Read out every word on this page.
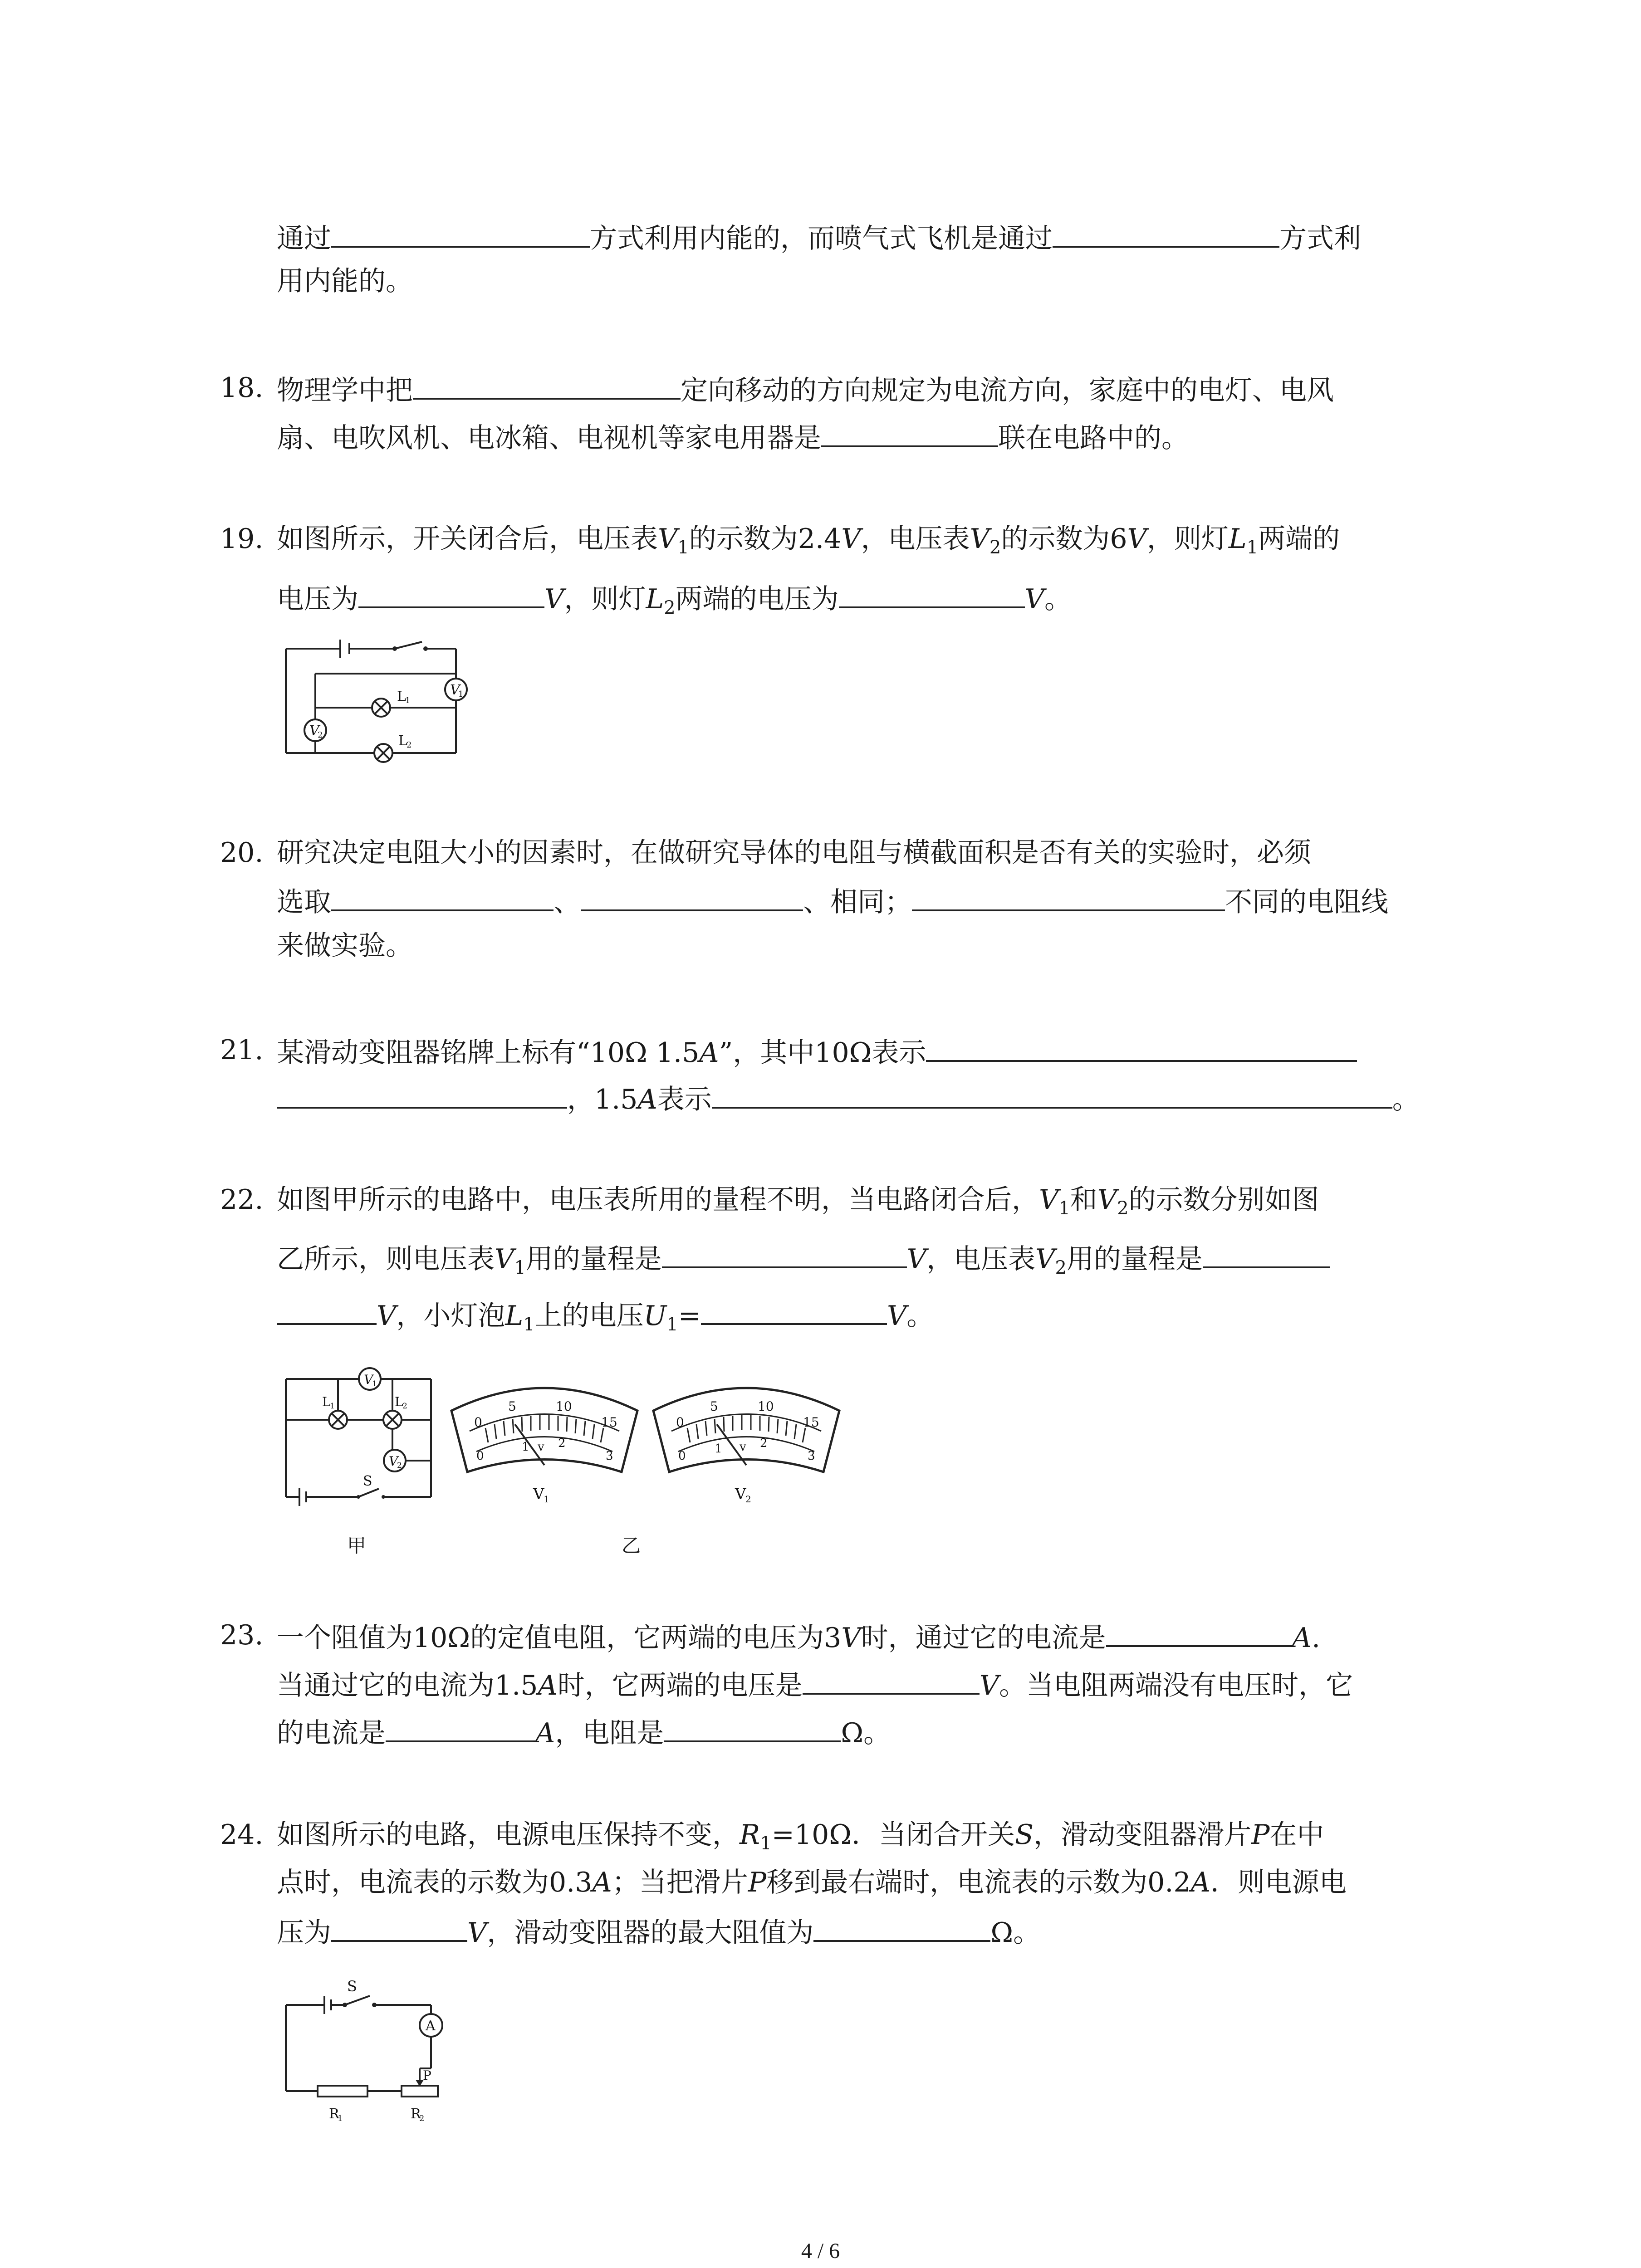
通过	方式利用内能的，而喷气式飞机是通过	方式利
用内能的。
18. 物理学中把	定向移动的方向规定为电流方向，家庭中的电灯、电风
扇、电吹风机、电冰箱、电视机等家电用器是	联在电路中的。
19. 如图所示，开关闭合后，电压表$V_1$的示数为2.4V，电压表$V_2$的示数为6V，则灯$L_1$两端的
电压为	V，则灯$L_2$两端的电压为	V。
V
1
V
2
L
1
L
2
20. 研究决定电阻大小的因素时，在做研究导体的电阻与横截面积是否有关的实验时，必须
选取	、	、相同；	不同的电阻线
来做实验。
21. 某滑动变阻器铭牌上标有“10Ω 1.5A”，其中10Ω表示
，1.5A表示	。
22. 如图甲所示的电路中，电压表所用的量程不明，当电路闭合后，$V_1$和$V_2$的示数分别如图
乙所示，则电压表$V_1$用的量程是	V，电压表$V_2$用的量程是
V，小灯泡$L_1$上的电压$U_1=$	V。
V
1
V
2
L
1	L
2
S
甲
0
5	10
15
0
1 v 2
3
V
1
0
5	10
15
0
1 v 2
3
V
2
乙
23. 一个阻值为10Ω的定值电阻，它两端的电压为3V时，通过它的电流是	A.
当通过它的电流为1.5A时，它两端的电压是	V。当电阻两端没有电压时，它
的电流是	A，电阻是	Ω。
24. 如图所示的电路，电源电压保持不变，$R_1=10\Omega$．当闭合开关S，滑动变阻器滑片P在中
点时，电流表的示数为0.3A；当把滑片P移到最右端时，电流表的示数为0.2A．则电源电
压为	V，滑动变阻器的最大阻值为	Ω。
A
S
P
R
1	R
2
4 / 6
